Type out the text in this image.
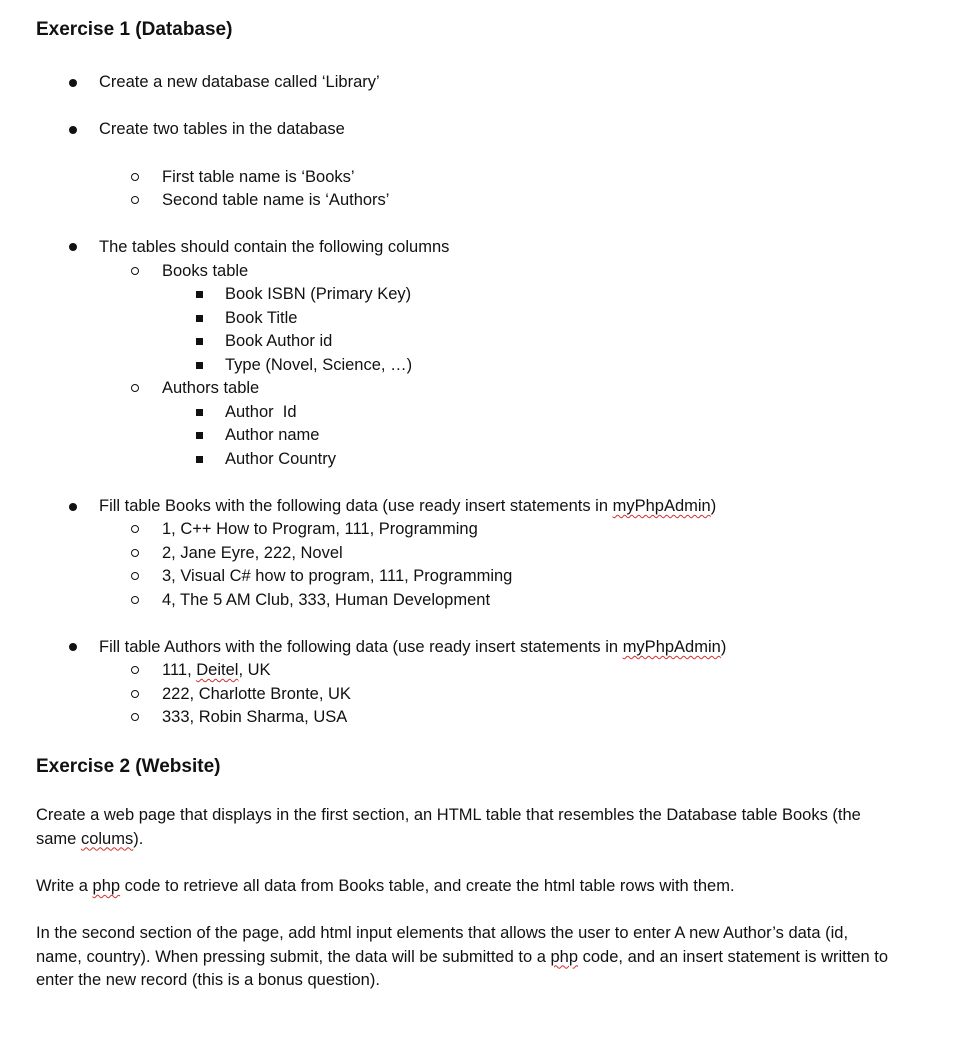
Exercise 1 (Database)
Create a new database called ‘Library’
Create two tables in the database
First table name is ‘Books’
Second table name is ‘Authors’
The tables should contain the following columns
Books table
Book ISBN (Primary Key)
Book Title
Book Author id
Type (Novel, Science, …)
Authors table
Author  Id
Author name
Author Country
Fill table Books with the following data (use ready insert statements in myPhpAdmin)
1, C++ How to Program, 111, Programming
2, Jane Eyre, 222, Novel
3, Visual C# how to program, 111, Programming
4, The 5 AM Club, 333, Human Development
Fill table Authors with the following data (use ready insert statements in myPhpAdmin)
111, Deitel, UK
222, Charlotte Bronte, UK
333, Robin Sharma, USA
Exercise 2 (Website)
Create a web page that displays in the first section, an HTML table that resembles the Database table Books (the same colums).
Write a php code to retrieve all data from Books table, and create the html table rows with them.
In the second section of the page, add html input elements that allows the user to enter A new Author’s data (id, name, country). When pressing submit, the data will be submitted to a php code, and an insert statement is written to enter the new record (this is a bonus question).
